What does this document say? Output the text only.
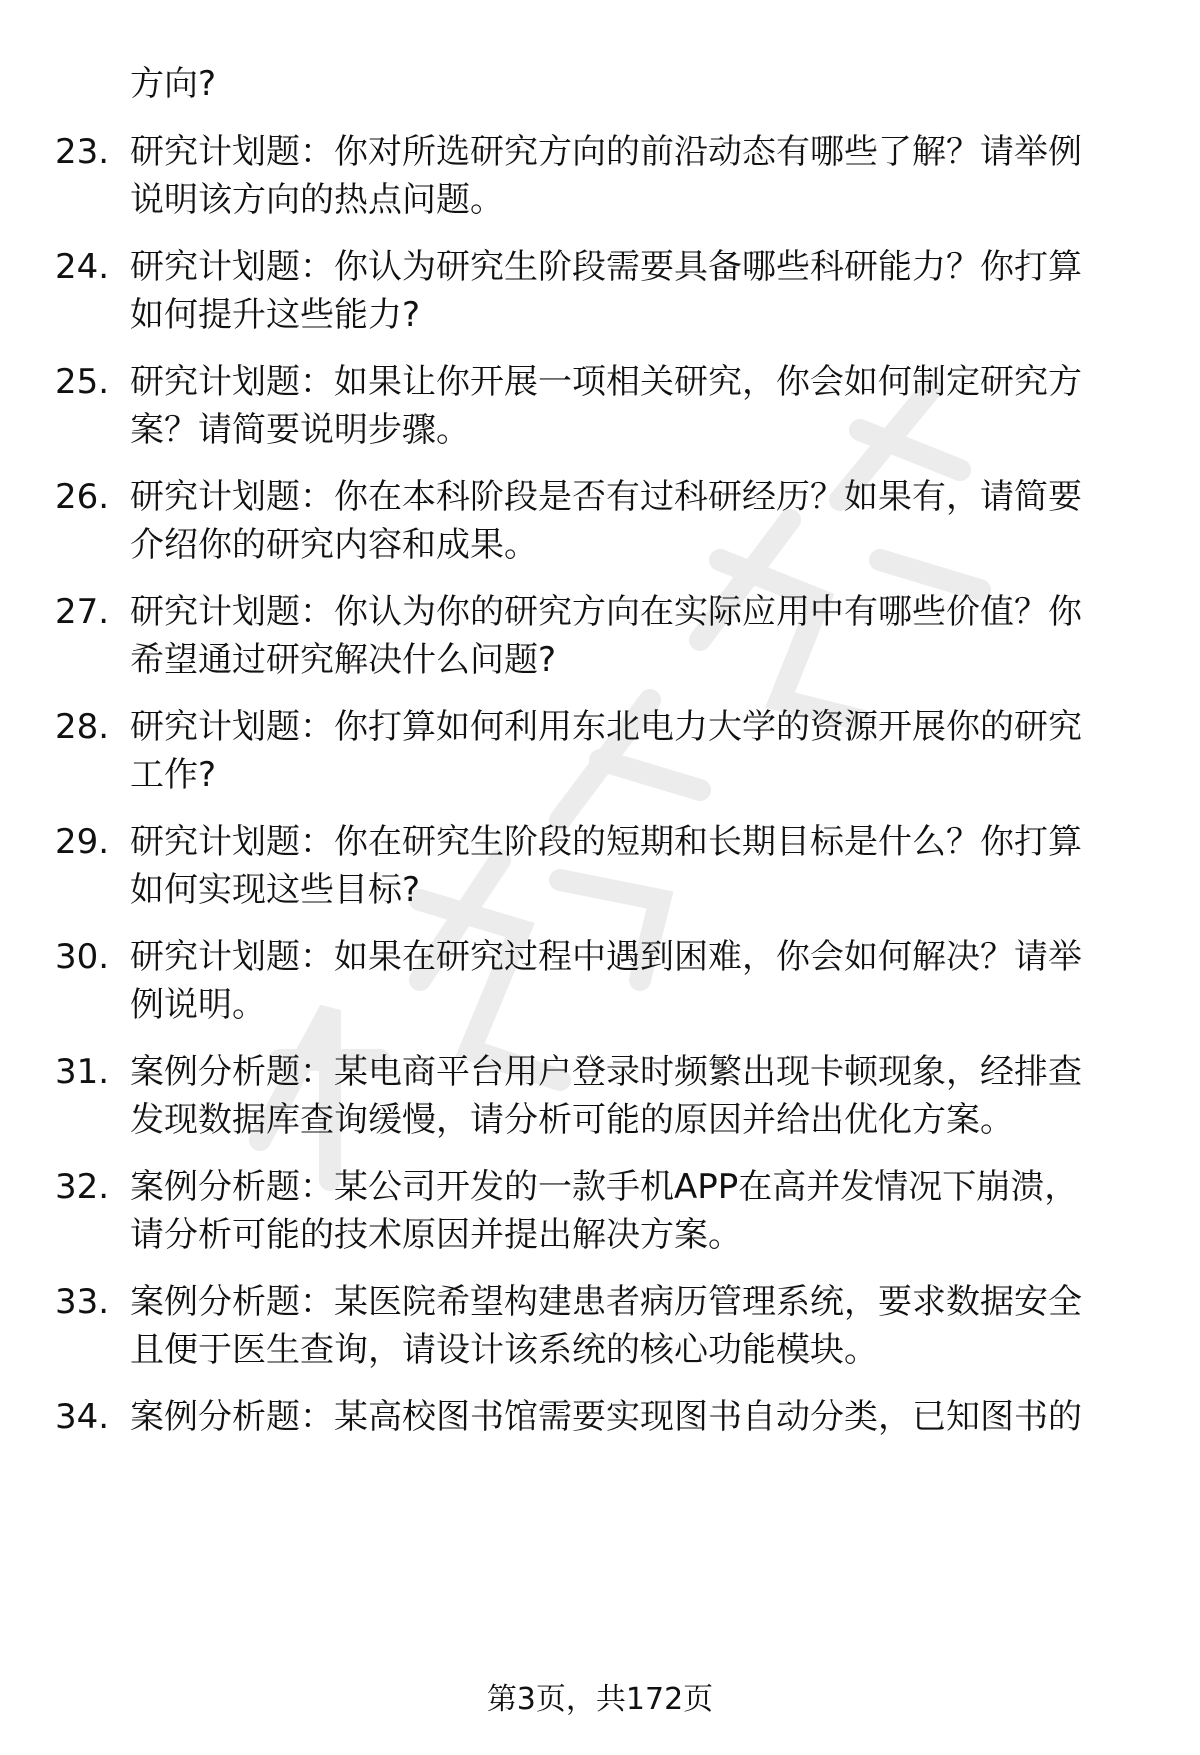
方向?
23. 研究计划题：你对所选研究方向的前沿动态有哪些了解？请举例
说明该方向的热点问题。
24. 研究计划题：你认为研究生阶段需要具备哪些科研能力？你打算
如何提升这些能力?
25. 研究计划题：如果让你开展一项相关研究，你会如何制定研究方
案？请简要说明步骤。
26. 研究计划题：你在本科阶段是否有过科研经历？如果有，请简要
介绍你的研究内容和成果。
27. 研究计划题：你认为你的研究方向在实际应用中有哪些价值？你
希望通过研究解决什么问题?
28. 研究计划题：你打算如何利用东北电力大学的资源开展你的研究
工作?
29. 研究计划题：你在研究生阶段的短期和长期目标是什么？你打算
如何实现这些目标?
30. 研究计划题：如果在研究过程中遇到困难，你会如何解决？请举
例说明。
31. 案例分析题：某电商平台用户登录时频繁出现卡顿现象，经排查
发现数据库查询缓慢，请分析可能的原因并给出优化方案。
32. 案例分析题：某公司开发的一款手机APP在高并发情况下崩溃，
请分析可能的技术原因并提出解决方案。
33. 案例分析题：某医院希望构建患者病历管理系统，要求数据安全
且便于医生查询，请设计该系统的核心功能模块。
34. 案例分析题：某高校图书馆需要实现图书自动分类，已知图书的
第3页，共172页
